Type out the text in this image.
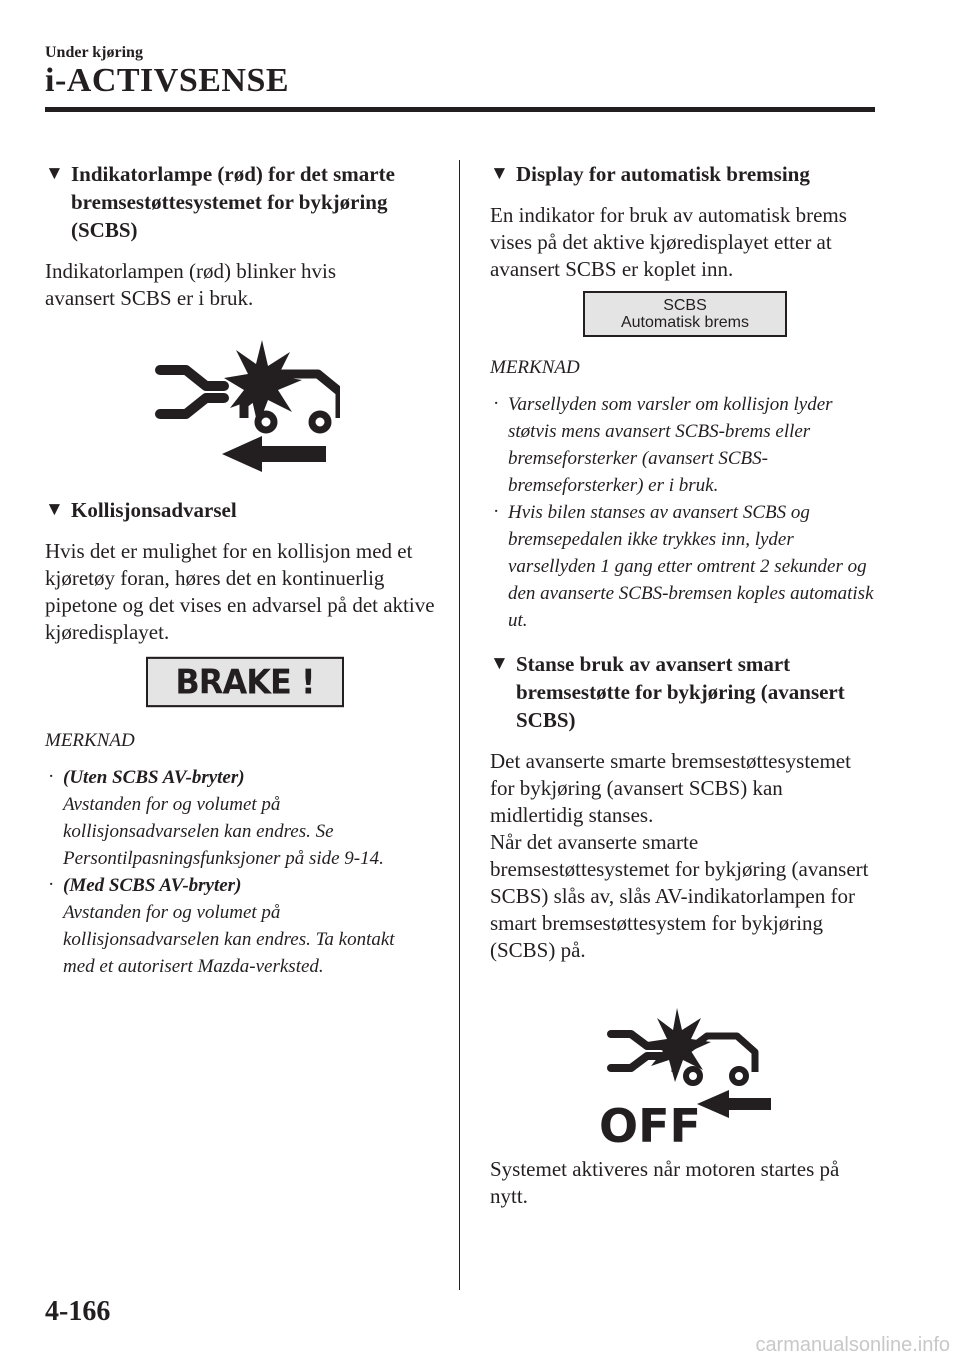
Under kjøring
i-ACTIVSENSE
▼ Indikatorlampe (rød) for det smarte bremsestøttesystemet for bykjøring (SCBS)

Indikatorlampen (rød) blinker hvis avansert SCBS er i bruk.

▼ Kollisjonsadvarsel

Hvis det er mulighet for en kollisjon med et kjøretøy foran, høres det en kontinuerlig pipetone og det vises en advarsel på det aktive kjøredisplayet.

BRAKE !

MERKNAD

· (Uten SCBS AV-bryter)
Avstanden for og volumet på kollisjonsadvarselen kan endres. Se Persontilpasningsfunksjoner på side 9-14.
· (Med SCBS AV-bryter)
Avstanden for og volumet på kollisjonsadvarselen kan endres. Ta kontakt med et autorisert Mazda-verksted.
▼ Display for automatisk bremsing

En indikator for bruk av automatisk brems vises på det aktive kjøredisplayet etter at avansert SCBS er koplet inn.

SCBS
Automatisk brems

MERKNAD

· Varsellyden som varsler om kollisjon lyder støtvis mens avansert SCBS-brems eller bremseforsterker (avansert SCBS-bremseforsterker) er i bruk.
· Hvis bilen stanses av avansert SCBS og bremsepedalen ikke trykkes inn, lyder varsellyden 1 gang etter omtrent 2 sekunder og den avanserte SCBS-bremsen koples automatisk ut.
▼ Stanse bruk av avansert smart bremsestøtte for bykjøring (avansert SCBS)

Det avanserte smarte bremsestøttesystemet for bykjøring (avansert SCBS) kan midlertidig stanses.

Når det avanserte smarte bremsestøttesystemet for bykjøring (avansert SCBS) slås av, slås AV-indikatorlampen for smart bremsestøttesystem for bykjøring (SCBS) på.

OFF

Systemet aktiveres når motoren startes på nytt.

4-166
carmanualsonline.info
